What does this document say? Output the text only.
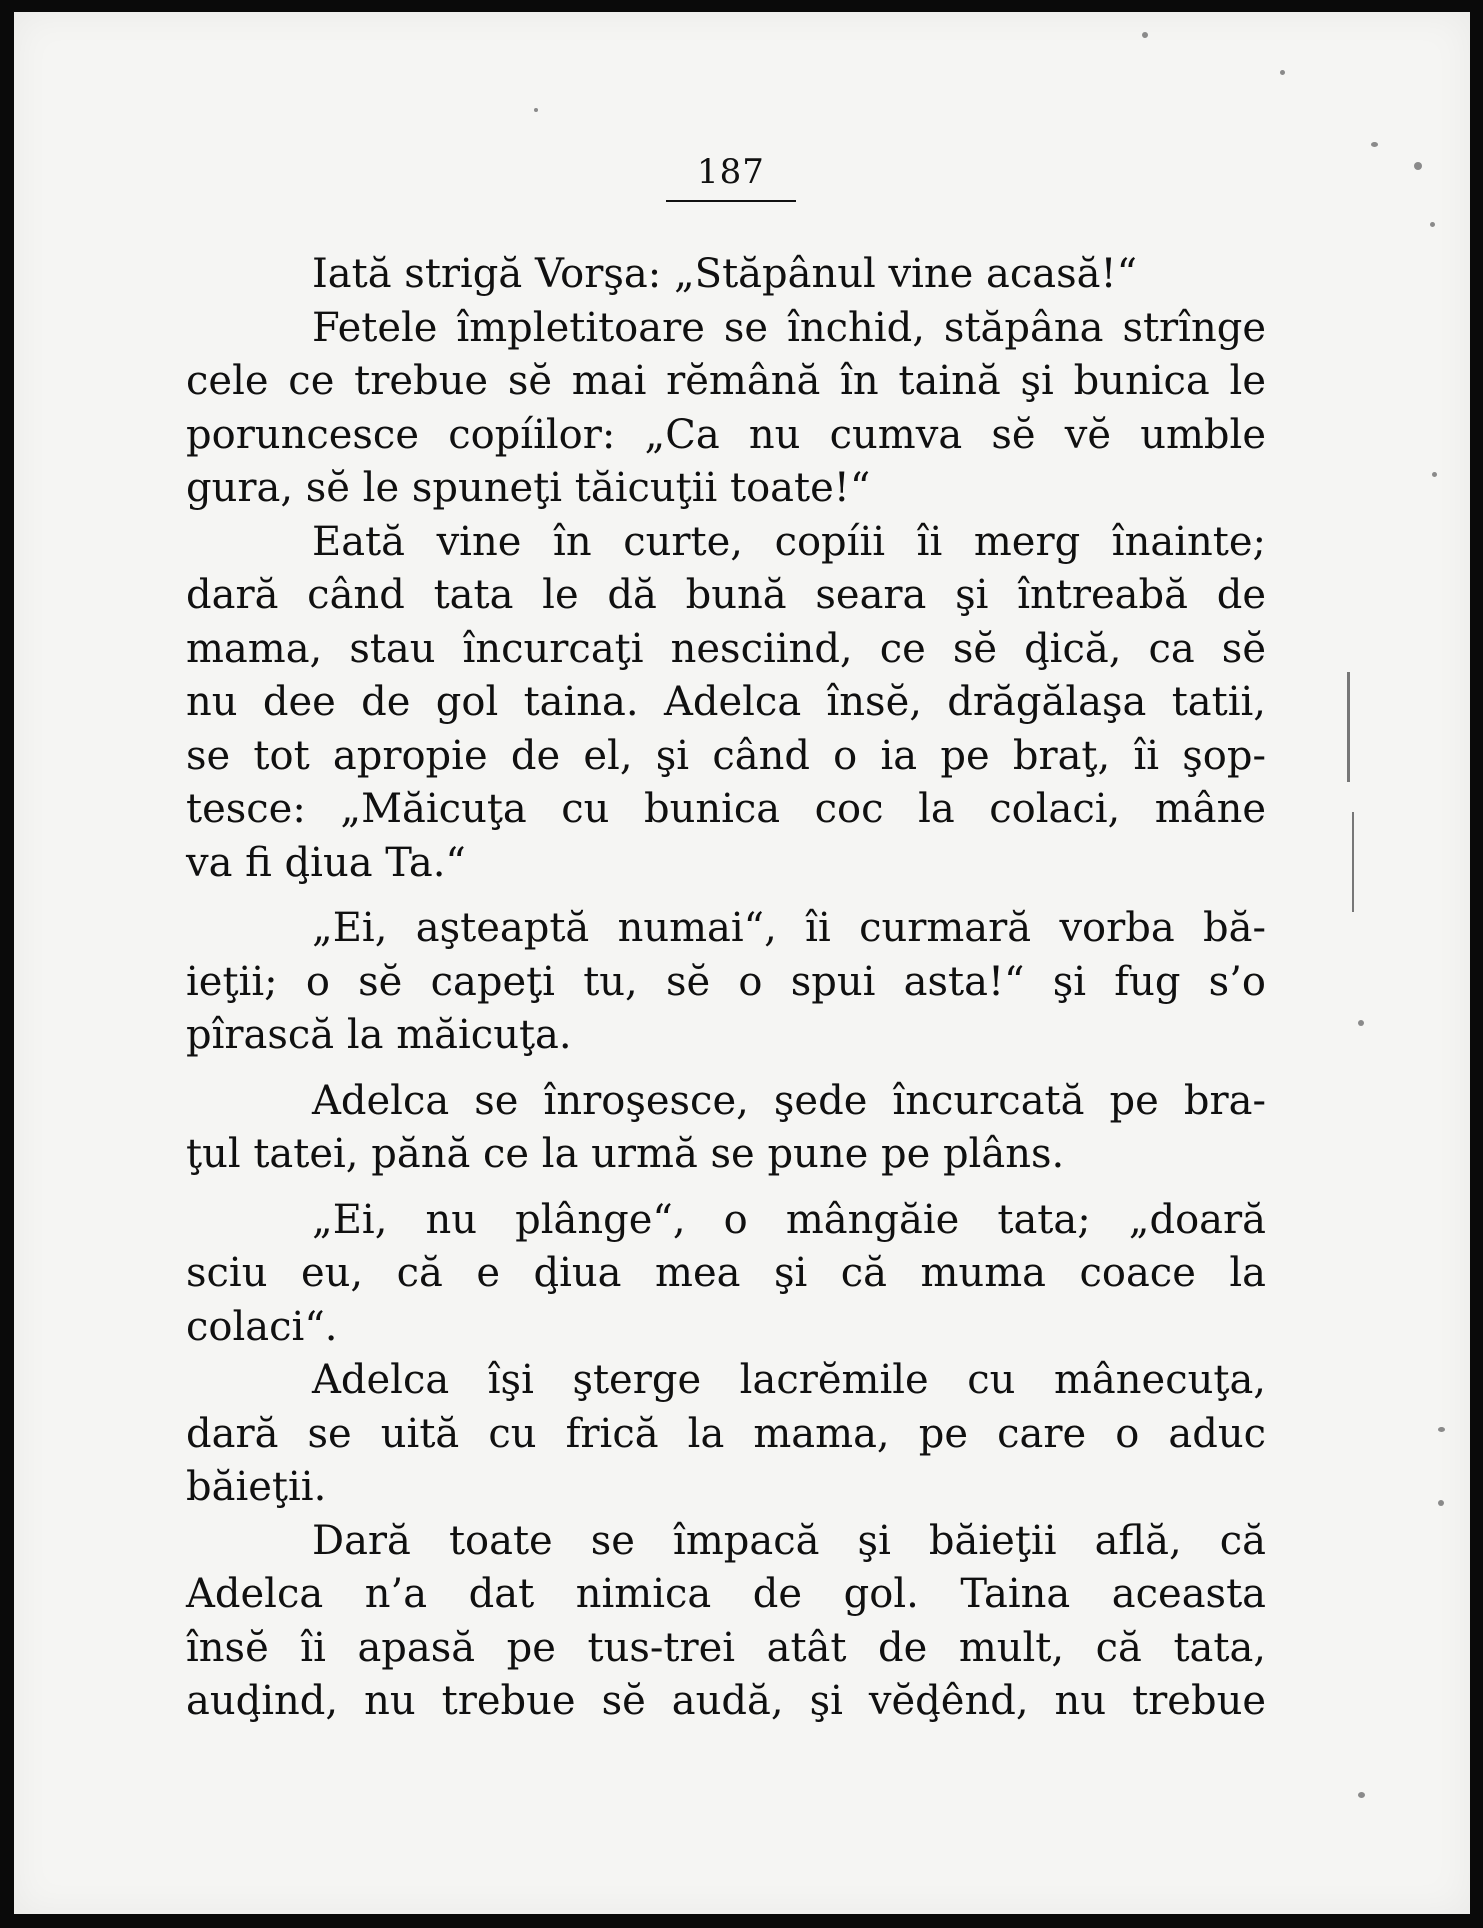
187
Iată strigă Vorşa: „Stăpânul vine acasă!“
Fetele împletitoare se închid, stăpâna strînge
cele ce trebue sĕ mai rĕmână în taină şi bunica le
poruncesce copíilor: „Ca nu cumva sĕ vĕ umble
gura, sĕ le spuneţi tăicuţii toate!“
Eată vine în curte, copíii îi merg înainte;
dară când tata le dă bună seara şi întreabă de
mama, stau încurcaţi nesciind, ce sĕ ḑică, ca sĕ
nu dee de gol taina. Adelca însĕ, drăgălaşa tatii,
se tot apropie de el, şi când o ia pe braţ, îi şop-
tesce: „Măicuţa cu bunica coc la colaci, mâne
va fi ḑiua Ta.“
„Ei, aşteaptă numai“, îi curmară vorba bă-
ieţii; o sĕ capeţi tu, sĕ o spui asta!“ şi fug s’o
pîrască la măicuţa.
Adelca se înroşesce, şede încurcată pe bra-
ţul tatei, pănă ce la urmă se pune pe plâns.
„Ei, nu plânge“, o mângăie tata; „doară
sciu eu, că e ḑiua mea şi că muma coace la
colaci“.
Adelca îşi şterge lacrĕmile cu mânecuţa,
dară se uită cu frică la mama, pe care o aduc
băieţii.
Dară toate se împacă şi băieţii află, că
Adelca n’a dat nimica de gol. Taina aceasta
însĕ îi apasă pe tus-trei atât de mult, că tata,
auḑind, nu trebue sĕ audă, şi vĕḑênd, nu trebue
